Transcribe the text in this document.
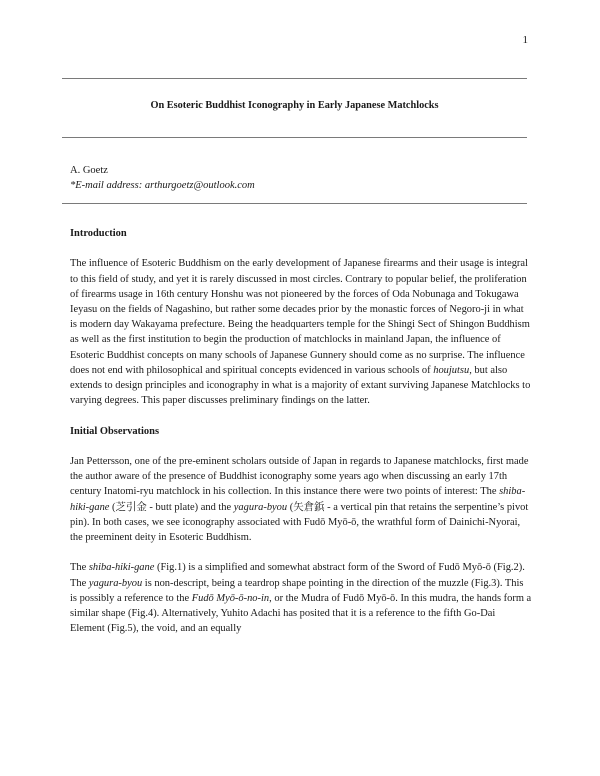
1
On Esoteric Buddhist Iconography in Early Japanese Matchlocks
A. Goetz
*E-mail address: arthurgoetz@outlook.com
Introduction

The influence of Esoteric Buddhism on the early development of Japanese firearms and their usage is integral to this field of study, and yet it is rarely discussed in most circles. Contrary to popular belief, the proliferation of firearms usage in 16th century Honshu was not pioneered by the forces of Oda Nobunaga and Tokugawa Ieyasu on the fields of Nagashino, but rather some decades prior by the monastic forces of Negoro-ji in what is modern day Wakayama prefecture. Being the headquarters temple for the Shingi Sect of Shingon Buddhism as well as the first institution to begin the production of matchlocks in mainland Japan, the influence of Esoteric Buddhist concepts on many schools of Japanese Gunnery should come as no surprise. The influence does not end with philosophical and spiritual concepts evidenced in various schools of houjutsu, but also extends to design principles and iconography in what is a majority of extant surviving Japanese Matchlocks to varying degrees. This paper discusses preliminary findings on the latter.

Initial Observations

Jan Pettersson, one of the pre-eminent scholars outside of Japan in regards to Japanese matchlocks, first made the author aware of the presence of Buddhist iconography some years ago when discussing an early 17th century Inatomi-ryu matchlock in his collection. In this instance there were two points of interest: The shiba-hiki-gane (芝引金 - butt plate) and the yagura-byou (矢倉鋲 - a vertical pin that retains the serpentine’s pivot pin). In both cases, we see iconography associated with Fudō Myō-ō, the wrathful form of Dainichi-Nyorai, the preeminent deity in Esoteric Buddhism.

The shiba-hiki-gane (Fig.1) is a simplified and somewhat abstract form of the Sword of Fudō Myō-ō (Fig.2). The yagura-byou is non-descript, being a teardrop shape pointing in the direction of the muzzle (Fig.3). This is possibly a reference to the Fudō Myō-ō-no-in, or the Mudra of Fudō Myō-ō. In this mudra, the hands form a similar shape (Fig.4). Alternatively, Yuhito Adachi has posited that it is a reference to the fifth Go-Dai Element (Fig.5), the void, and an equally
